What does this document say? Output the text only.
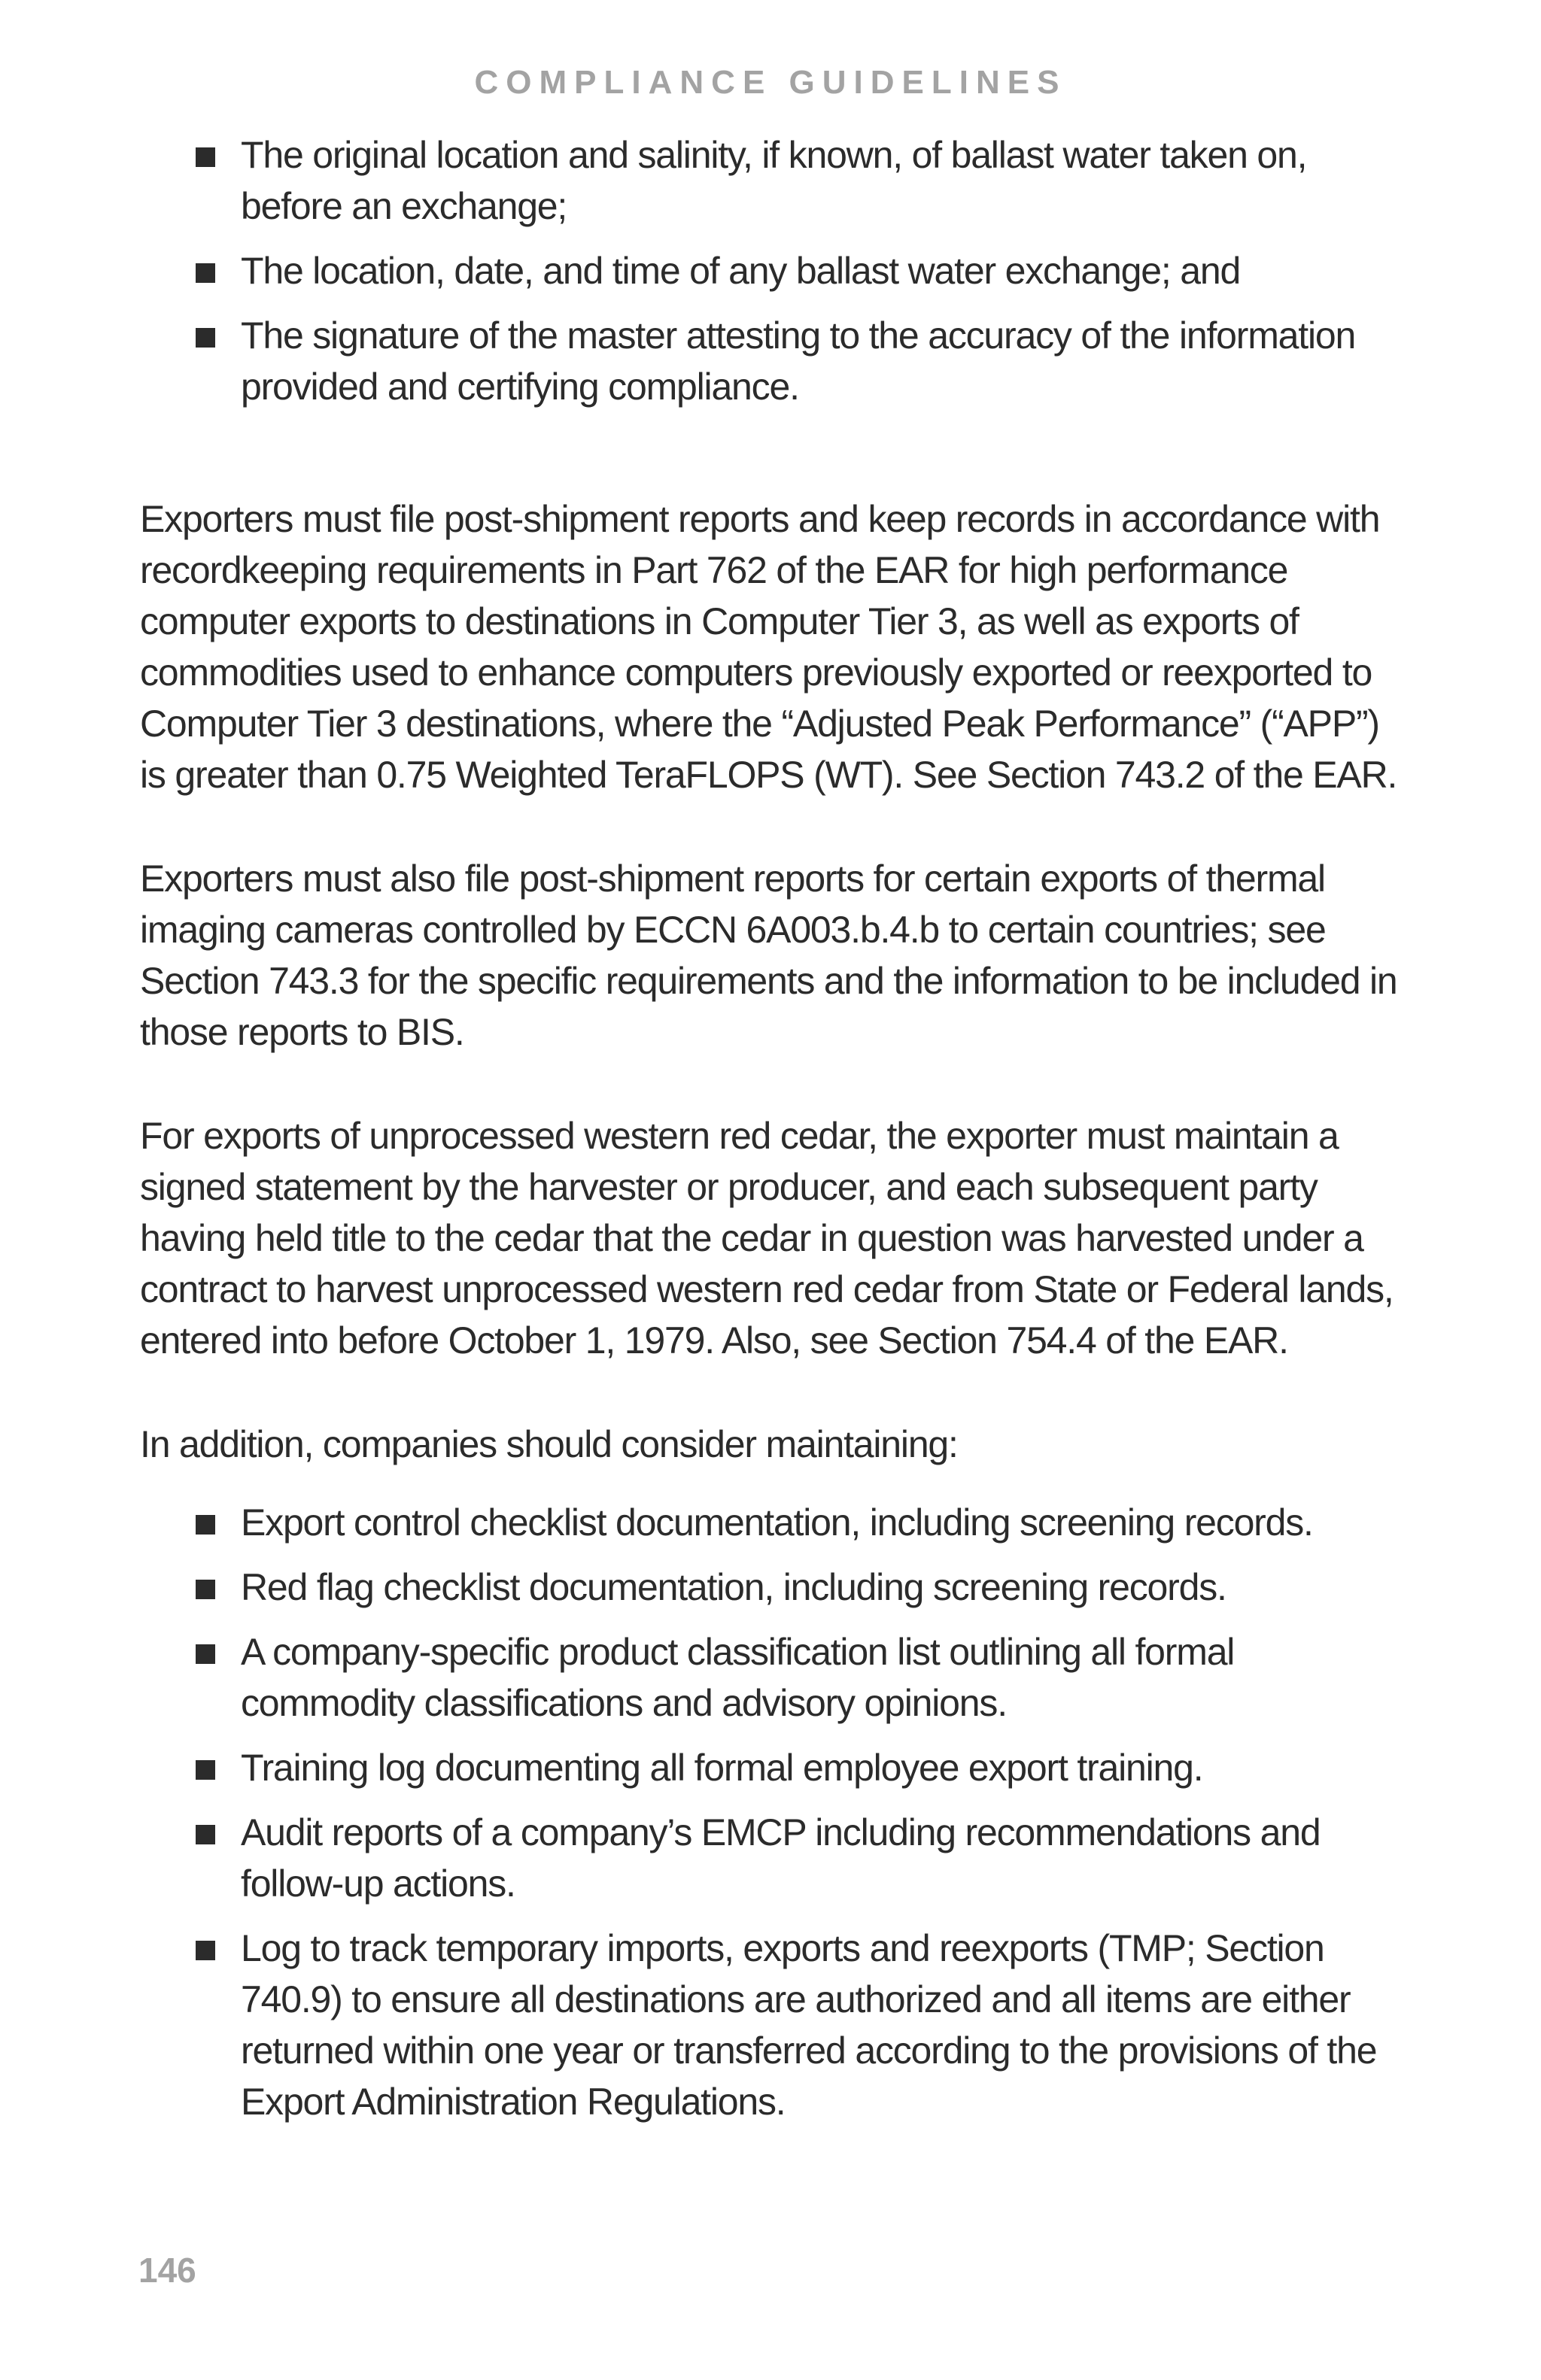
COMPLIANCE GUIDELINES
The original location and salinity, if known, of ballast water taken on, before an exchange;
The location, date, and time of any ballast water exchange; and
The signature of the master attesting to the accuracy of the information provided and certifying compliance.

Exporters must file post-shipment reports and keep records in accordance with recordkeeping requirements in Part 762 of the EAR for high performance computer exports to destinations in Computer Tier 3, as well as exports of commodities used to enhance computers previously exported or reexported to Computer Tier 3 destinations, where the “Adjusted Peak Performance” (“APP”) is greater than 0.75 Weighted TeraFLOPS (WT). See Section 743.2 of the EAR.

Exporters must also file post-shipment reports for certain exports of thermal imaging cameras controlled by ECCN 6A003.b.4.b to certain countries; see Section 743.3 for the specific requirements and the information to be included in those reports to BIS.

For exports of unprocessed western red cedar, the exporter must maintain a signed statement by the harvester or producer, and each subsequent party having held title to the cedar that the cedar in question was harvested under a contract to harvest unprocessed western red cedar from State or Federal lands, entered into before October 1, 1979. Also, see Section 754.4 of the EAR.

In addition, companies should consider maintaining:

Export control checklist documentation, including screening records.
Red flag checklist documentation, including screening records.
A company-specific product classification list outlining all formal commodity classifications and advisory opinions.
Training log documenting all formal employee export training.
Audit reports of a company’s EMCP including recommendations and follow-up actions.
Log to track temporary imports, exports and reexports (TMP; Section 740.9) to ensure all destinations are authorized and all items are either returned within one year or transferred according to the provisions of the Export Administration Regulations.
146
